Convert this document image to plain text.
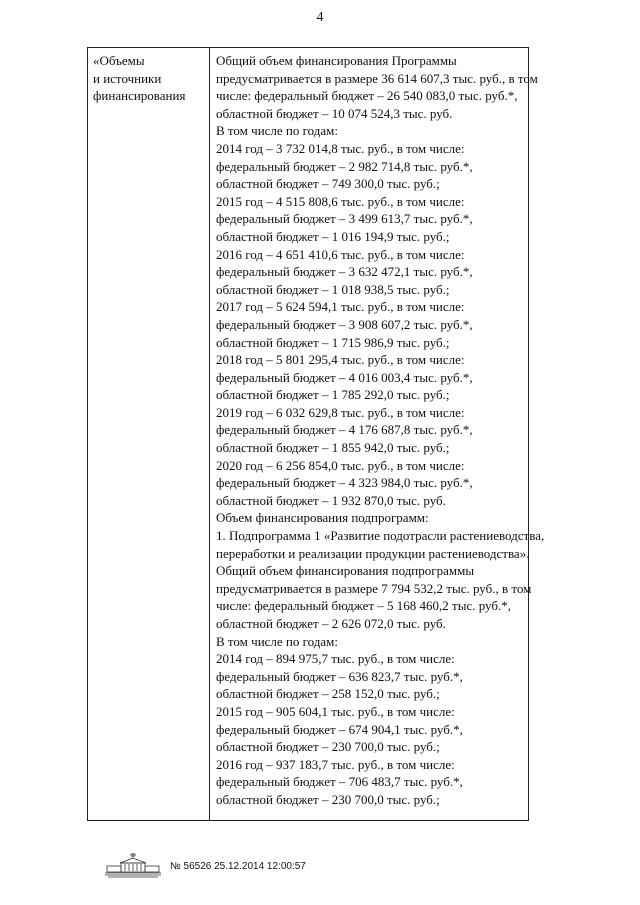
4
«Объемы
и источники
финансирования
Общий объем финансирования Программы
предусматривается в размере 36 614 607,3 тыс. руб., в том
числе: федеральный бюджет – 26 540 083,0 тыс. руб.*,
областной бюджет – 10 074 524,3 тыс. руб.
В том числе по годам:
2014 год – 3 732 014,8 тыс. руб., в том числе:
федеральный бюджет – 2 982 714,8 тыс. руб.*,
областной бюджет – 749 300,0 тыс. руб.;
2015 год – 4 515 808,6 тыс. руб., в том числе:
федеральный бюджет – 3 499 613,7 тыс. руб.*,
областной бюджет – 1 016 194,9 тыс. руб.;
2016 год – 4 651 410,6 тыс. руб., в том числе:
федеральный бюджет – 3 632 472,1 тыс. руб.*,
областной бюджет – 1 018 938,5 тыс. руб.;
2017 год – 5 624 594,1 тыс. руб., в том числе:
федеральный бюджет – 3 908 607,2 тыс. руб.*,
областной бюджет – 1 715 986,9 тыс. руб.;
2018 год – 5 801 295,4 тыс. руб., в том числе:
федеральный бюджет – 4 016 003,4 тыс. руб.*,
областной бюджет – 1 785 292,0 тыс. руб.;
2019 год – 6 032 629,8 тыс. руб., в том числе:
федеральный бюджет – 4 176 687,8 тыс. руб.*,
областной бюджет – 1 855 942,0 тыс. руб.;
2020 год – 6 256 854,0 тыс. руб., в том числе:
федеральный бюджет – 4 323 984,0 тыс. руб.*,
областной бюджет – 1 932 870,0 тыс. руб.
Объем финансирования подпрограмм:
1. Подпрограмма 1 «Развитие подотрасли растениеводства,
переработки и реализации продукции растениеводства».
Общий объем финансирования подпрограммы
предусматривается в размере 7 794 532,2 тыс. руб., в том
числе: федеральный бюджет – 5 168 460,2 тыс. руб.*,
областной бюджет – 2 626 072,0 тыс. руб.
В том числе по годам:
2014 год – 894 975,7 тыс. руб., в том числе:
федеральный бюджет – 636 823,7 тыс. руб.*,
областной бюджет – 258 152,0 тыс. руб.;
2015 год – 905 604,1 тыс. руб., в том числе:
федеральный бюджет – 674 904,1 тыс. руб.*,
областной бюджет – 230 700,0 тыс. руб.;
2016 год – 937 183,7 тыс. руб., в том числе:
федеральный бюджет – 706 483,7 тыс. руб.*,
областной бюджет – 230 700,0 тыс. руб.;
№ 56526 25.12.2014 12:00:57
